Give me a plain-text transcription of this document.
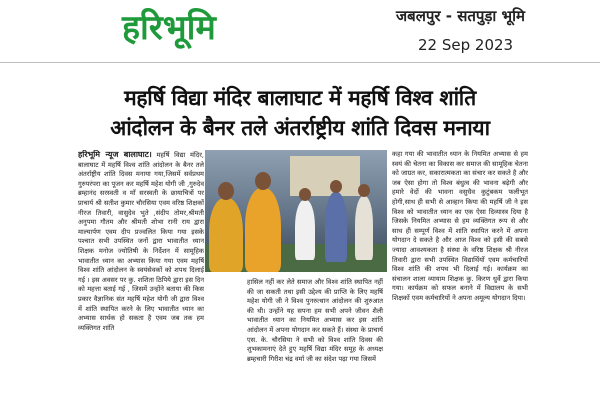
हरिभूमि	जबलपुर - सतपुड़ा भूमि
22 Sep 2023
महर्षि विद्या मंदिर बालाघाट में महर्षि विश्व शांति
आंदोलन के बैनर तले अंतर्राष्ट्रीय शांति दिवस मनाया
हरिभूमि न्यूज बालाघाट। महर्षि विद्या मंदिर, बालाघाट में महर्षि विश्व शांति आंदोलन के बैनर तले अंतर्राष्ट्रीय शांति दिवस मनाया गया,जिसमें सर्वप्रथम गुरुपरंपरा का पूजन कर महर्षि महेश योगी जी ,गुरुदेव ब्रम्हानंद सरस्वती व माँ सरस्वती के छायाचित्रों पर प्राचार्य श्री सतीश कुमार चौरसिया एवम वरिष्ठ शिक्षकों नीरज तिवारी, वासुदेव भुते ,संदीप तोमर,श्रीमती अनुपमा गौतम और श्रीमती शोभा रानी राय द्वारा माल्यार्पण एवम दीप प्रज्वलित किया गया इसके पश्चात सभी उपस्थित जनों द्वारा भावातीत ध्यान शिक्षक मनोज ज्योतिषी के निर्देशन में सामूहिक भावातीत ध्यान का अभ्यास किया गया एवम महर्षि विश्व शांति आंदोलन के स्वयंसेवकों को शपथ दिलाई गई । इस अवसर पर कु. शशिता ठिपिये द्वारा इस दिन को महत्ता बताई गई , जिसमें उन्होंने बताया की किस प्रकार वैज्ञानिक संत महर्षि महेश योगी जी द्वारा विश्व में शांति स्थापित करने के लिए भावातीत ध्यान का अभ्यास सार्थक हो सकता है एवम जब तक हम व्यक्तिगत शांति
हासिल नहीं कर लेते समाज और विश्व शांति स्थापित नहीं की जा सकती तथा इसी उद्देश्य की प्राप्ति के लिए महर्षि महेश योगी जी ने विश्व पुनरुत्थान आंदोलन की शुरुआत की थी। उन्होंने यह सपना हम सभी अपने जीवन शैली भावातीत ध्यान का नियमित अभ्यास कर इस शांति आंदोलन में अपना योगदान कर सकते हैं। संस्था के प्राचार्य एस. के. चौरसिया ने सभी को विश्व शांति दिवस की शुभकामनाएं देते हुए महर्षि विद्या मंदिर समूह के अध्यक्ष ब्रम्हचारी गिरीश चंद्र वर्मा जी का संदेश पढ़ा गया जिसमें
कहा गया की भावातीत ध्यान के नियमित अभ्यास से हम स्वयं की चेतना का विकास कर समाज की सामूहिक चेतना को जाग्रत कर, सकारात्मकता का संचार कर सकते है और जब ऐसा होगा तो विश्व बंधुत्व की भावना बढ़ेगी और हमारे वेदों की भावना वसुधैव कुटुंबकम फलीभूत होगी,साथ ही सभी से आव्हान किया की महर्षि जी ने इस विश्व को भावातीत ध्यान का एक ऐसा दिव्यास्त्र दिया है जिसके नियमित अभ्यास से हम व्यक्तिगत रूप से और साथ ही सम्पूर्ण विश्व में शांति स्थापित करने में अपना योगदान दे सकते है और आज विश्व को इसी की सबसे ज्यादा आवश्यकता है संस्था के वरिष्ठ शिक्षक श्री नीरज तिवारी द्वारा सभी उपस्थित विद्यार्थियों एवम कर्मचारियों विश्व शांति की शपथ भी दिलाई गई। कार्यक्रम का संचालन शाला व्यायाम शिक्षक कु. किरण धुर्वे द्वारा किया गया। कार्यक्रम को सफल बनाने में विद्यालय के सभी शिक्षकों एवम कर्मचारियों ने अपना अमूल्य योगदान दिया।
